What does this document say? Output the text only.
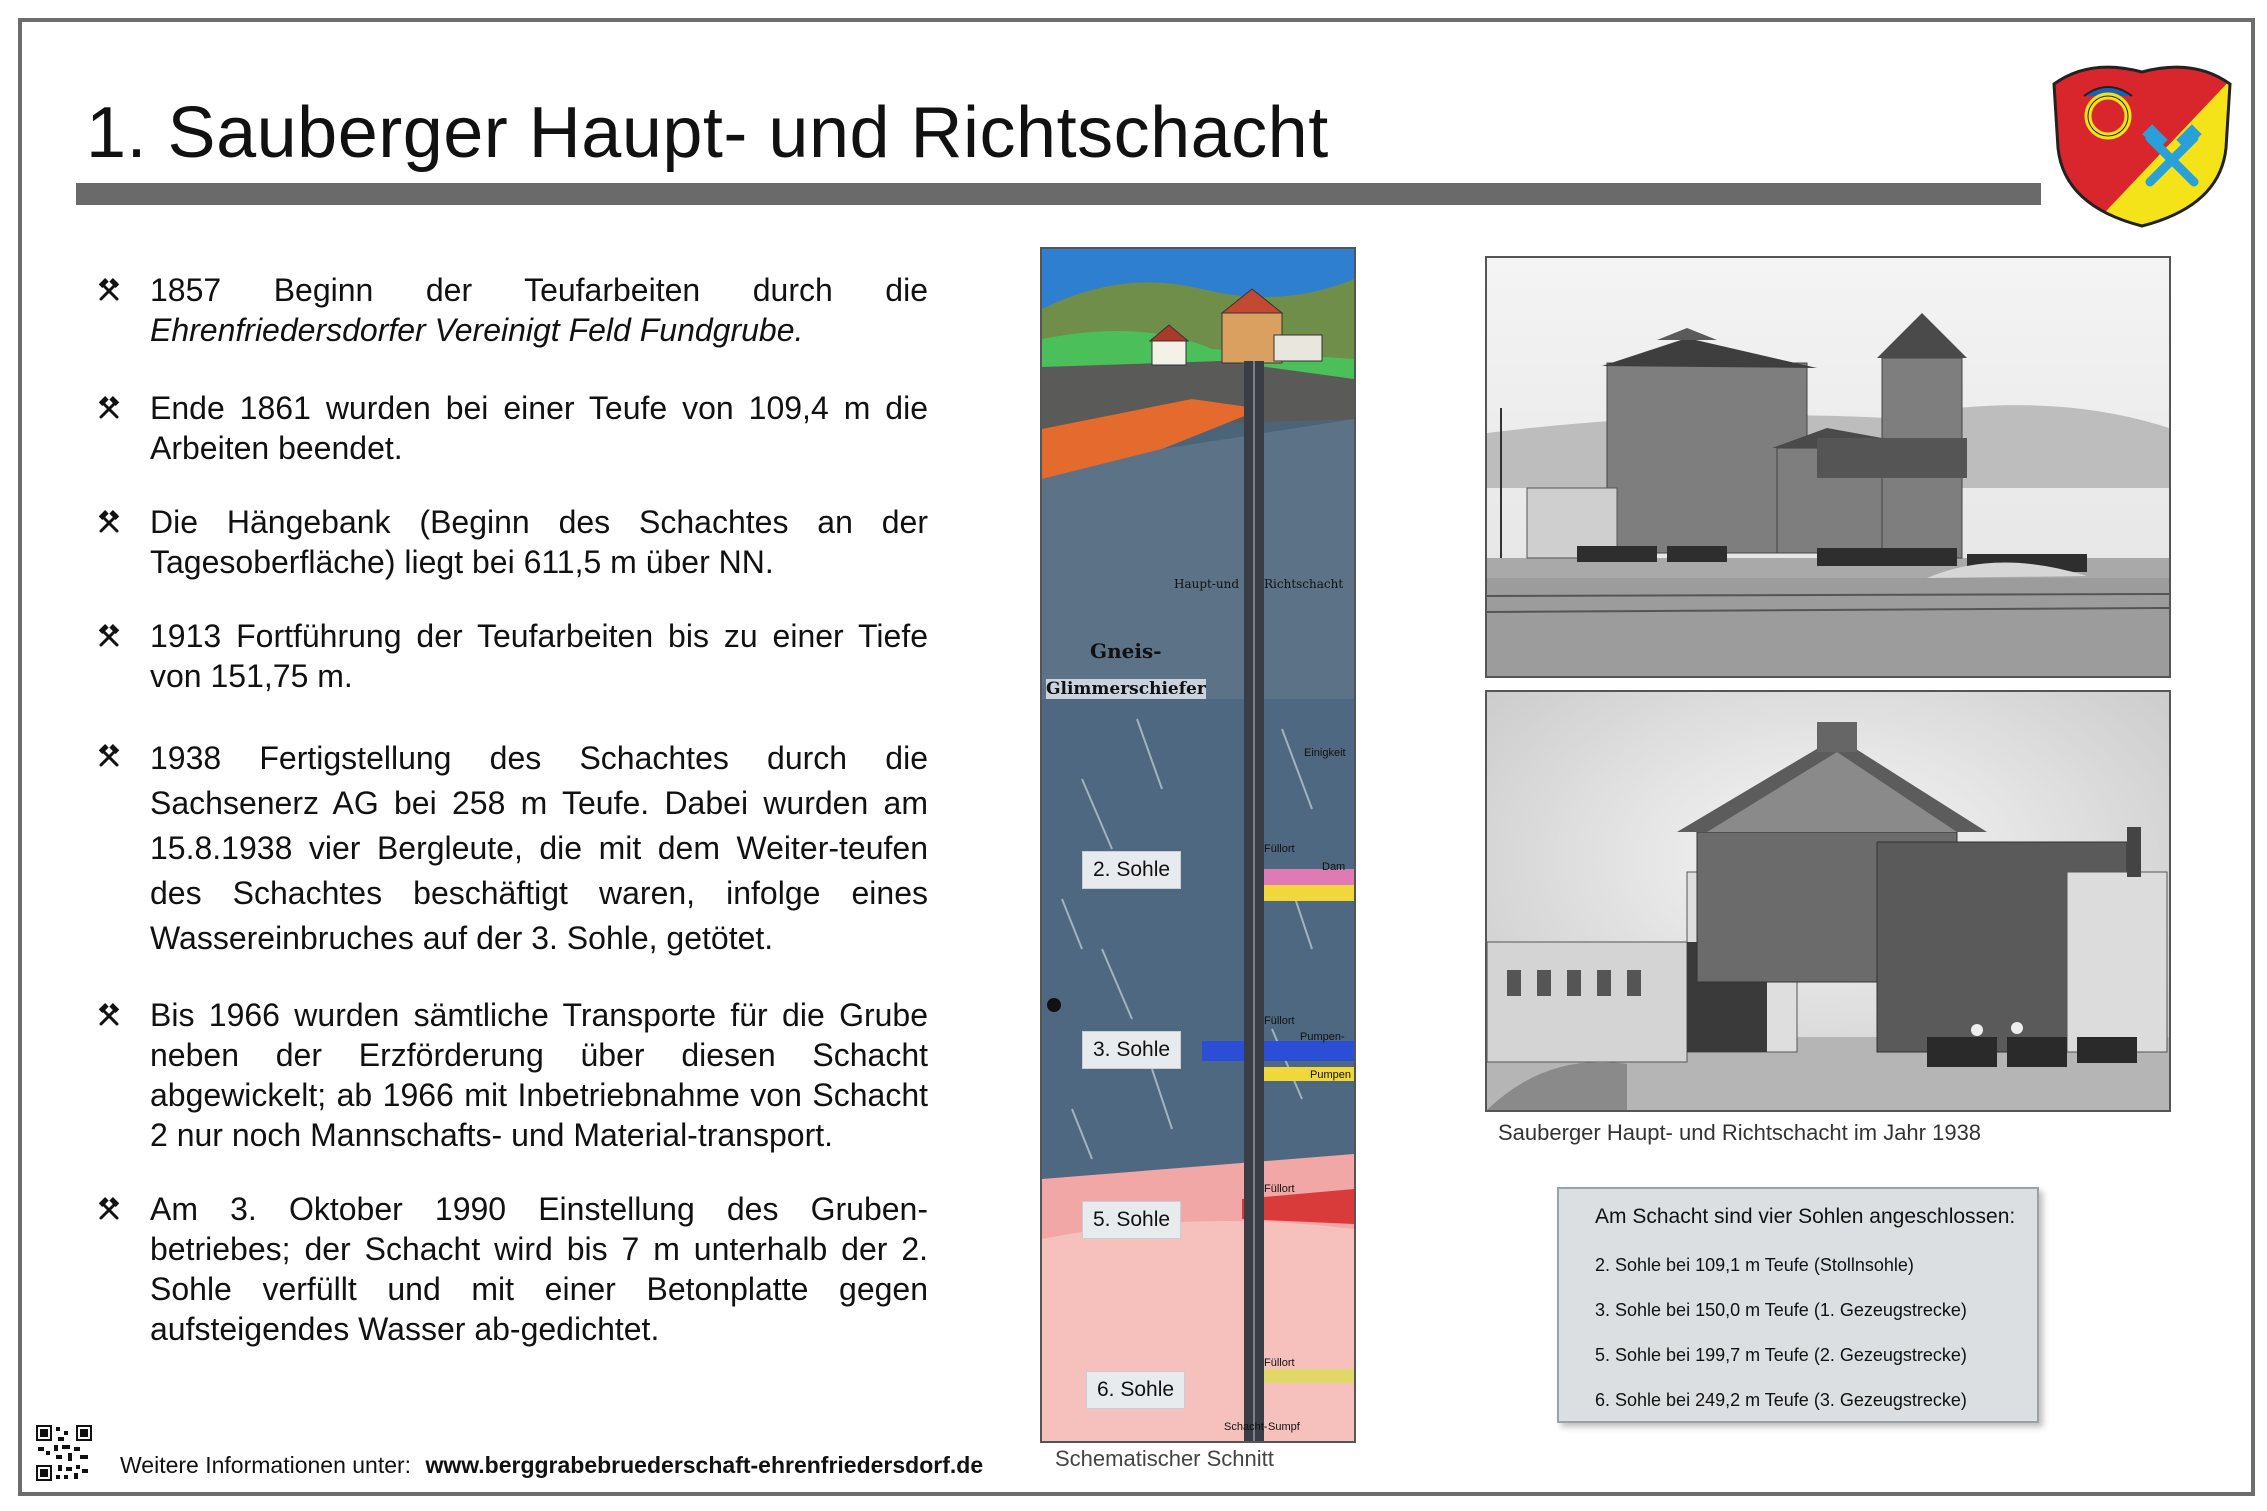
1. Sauberger Haupt- und Richtschacht
1857 Beginn der Teufarbeiten durch die Ehrenfriedersdorfer Vereinigt Feld Fundgrube.
Ende 1861 wurden bei einer Teufe von 109,4 m die Arbeiten beendet.
Die Hängebank (Beginn des Schachtes an der Tagesoberfläche) liegt bei 611,5 m über NN.
1913 Fortführung der Teufarbeiten bis zu einer Tiefe von 151,75 m.
1938 Fertigstellung des Schachtes durch die Sachsenerz AG bei 258 m Teufe. Dabei wurden am 15.8.1938 vier Bergleute, die mit dem Weiter-teufen des Schachtes beschäftigt waren, infolge eines Wassereinbruches auf der 3. Sohle, getötet.
Bis 1966 wurden sämtliche Transporte für die Grube neben der Erzförderung über diesen Schacht abgewickelt; ab 1966 mit Inbetriebnahme von Schacht 2 nur noch Mannschafts- und Material-transport.
Am 3. Oktober 1990 Einstellung des Gruben-betriebes; der Schacht wird bis 7 m unterhalb der 2. Sohle verfüllt und mit einer Betonplatte gegen aufsteigendes Wasser ab-gedichtet.
Haupt-und Richtschacht
Gneis-
Glimmerschiefer
Einigkeit
Füllort
Dam
Füllort
Pumpen-
Pumpen
Füllort
Füllort
Schacht- Sumpf
2. Sohle
3. Sohle
5. Sohle
6. Sohle
Schematischer Schnitt
Sauberger Haupt- und Richtschacht im Jahr 1938
Am Schacht sind vier Sohlen angeschlossen:
2. Sohle bei 109,1 m Teufe (Stollnsohle)
3. Sohle bei 150,0 m Teufe (1. Gezeugstrecke)
5. Sohle bei 199,7 m Teufe (2. Gezeugstrecke)
6. Sohle bei 249,2 m Teufe (3. Gezeugstrecke)
Weitere Informationen unter: www.berggrabebruederschaft-ehrenfriedersdorf.de
